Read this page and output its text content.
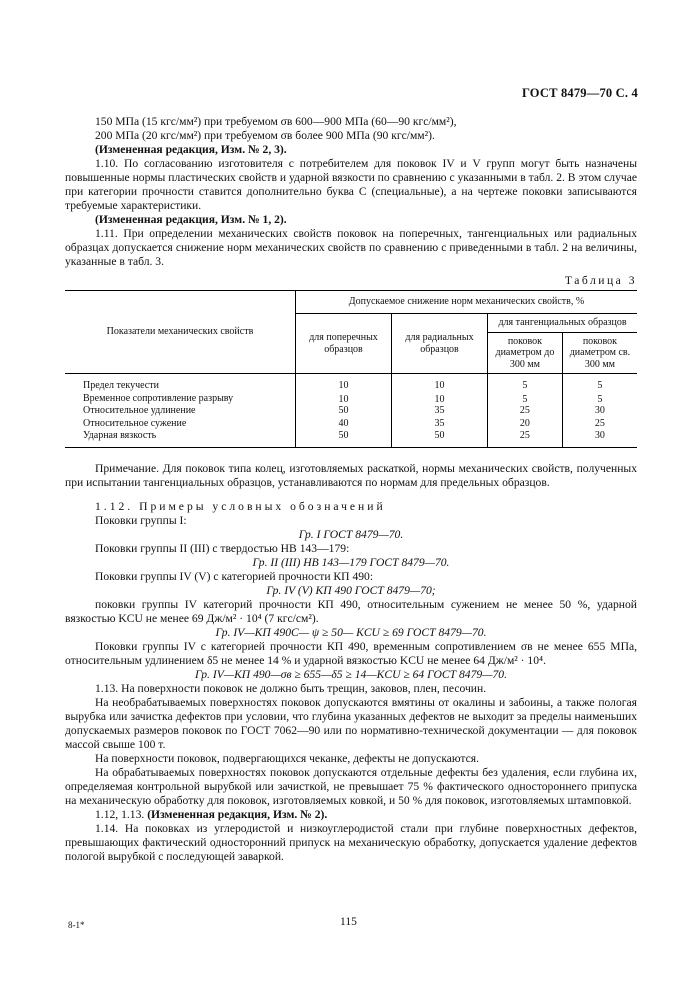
ГОСТ 8479—70 С. 4

150 МПа (15 кгс/мм²) при требуемом σв 600—900 МПа (60—90 кгс/мм²),

200 МПа (20 кгс/мм²) при требуемом σв более 900 МПа (90 кгс/мм²).

(Измененная редакция, Изм. № 2, 3).

1.10. По согласованию изготовителя с потребителем для поковок IV и V групп могут быть назначены повышенные нормы пластических свойств и ударной вязкости по сравнению с указанными в табл. 2. В этом случае при категории прочности ставится дополнительно буква С (специальные), а на чертеже поковки записываются требуемые характеристики.

(Измененная редакция, Изм. № 1, 2).

1.11. При определении механических свойств поковок на поперечных, тангенциальных или радиальных образцах допускается снижение норм механических свойств по сравнению с приведенными в табл. 2 на величины, указанные в табл. 3.

Таблица 3
Показатели механических свойств	Допускаемое снижение норм механических свойств, %			
	для поперечных образцов	для радиальных образцов	для тангенциальных образцов	
			поковок диаметром до 300 мм	поковок диаметром св. 300 мм
Предел текучести	10	10	5	5
Временное сопротивление разрыву	10	10	5	5
Относительное удлинение	50	35	25	30
Относительное сужение	40	35	20	25
Ударная вязкость	50	50	25	30

Примечание. Для поковок типа колец, изготовляемых раскаткой, нормы механических свойств, полученных при испытании тангенциальных образцов, устанавливаются по нормам для предельных образцов.

1.12. Примеры условных обозначений

Поковки группы I:

Гр. I ГОСТ 8479—70.

Поковки группы II (III) с твердостью НВ 143—179:

Гр. II (III) НВ 143—179 ГОСТ 8479—70.

Поковки группы IV (V) с категорией прочности КП 490:

Гр. IV (V) КП 490 ГОСТ 8479—70;

поковки группы IV категорий прочности КП 490, относительным сужением не менее 50 %, ударной вязкостью KCU не менее 69 Дж/м² · 10⁴ (7 кгс/см²).

Гр. IV—КП 490С— ψ ≥ 50— KCU ≥ 69 ГОСТ 8479—70.

Поковки группы IV с категорией прочности КП 490, временным сопротивлением σв не менее 655 МПа, относительным удлинением δ5 не менее 14 % и ударной вязкостью KCU не менее 64 Дж/м² · 10⁴.

Гр. IV—КП 490—σв ≥ 655—δ5 ≥ 14—KCU ≥ 64 ГОСТ 8479—70.

1.13. На поверхности поковок не должно быть трещин, заковов, плен, песочин.

На необрабатываемых поверхностях поковок допускаются вмятины от окалины и забоины, а также пологая вырубка или зачистка дефектов при условии, что глубина указанных дефектов не выходит за пределы наименьших допускаемых размеров поковок по ГОСТ 7062—90 или по нормативно-технической документации — для поковок массой свыше 100 т.

На поверхности поковок, подвергающихся чеканке, дефекты не допускаются.

На обрабатываемых поверхностях поковок допускаются отдельные дефекты без удаления, если глубина их, определяемая контрольной вырубкой или зачисткой, не превышает 75 % фактического одностороннего припуска на механическую обработку для поковок, изготовляемых ковкой, и 50 % для поковок, изготовляемых штамповкой.

1.12, 1.13. (Измененная редакция, Изм. № 2).

1.14. На поковках из углеродистой и низкоуглеродистой стали при глубине поверхностных дефектов, превышающих фактический односторонний припуск на механическую обработку, допускается удаление дефектов пологой вырубкой с последующей заваркой.

8-1*	115
